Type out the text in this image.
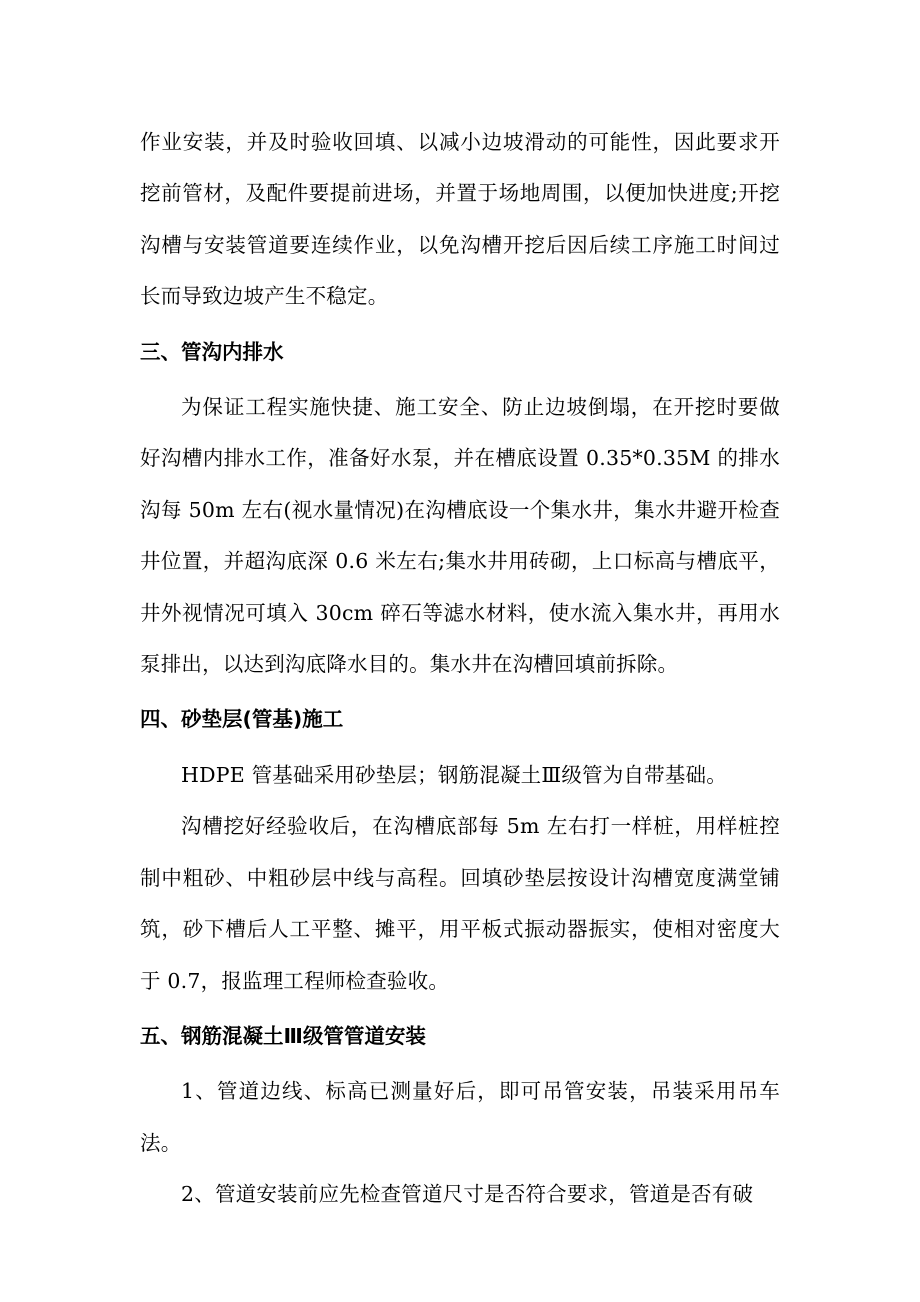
作业安装，并及时验收回填、以减小边坡滑动的可能性，因此要求开挖前管材，及配件要提前进场，并置于场地周围，以便加快进度;开挖沟槽与安装管道要连续作业，以免沟槽开挖后因后续工序施工时间过长而导致边坡产生不稳定。

三、管沟内排水

为保证工程实施快捷、施工安全、防止边坡倒塌，在开挖时要做好沟槽内排水工作，准备好水泵，并在槽底设置 0.35*0.35M 的排水沟每 50m 左右(视水量情况)在沟槽底设一个集水井，集水井避开检查井位置，并超沟底深 0.6 米左右;集水井用砖砌，上口标高与槽底平，井外视情况可填入 30cm 碎石等滤水材料，使水流入集水井，再用水泵排出，以达到沟底降水目的。集水井在沟槽回填前拆除。

四、砂垫层(管基)施工

HDPE 管基础采用砂垫层；钢筋混凝土Ⅲ级管为自带基础。

沟槽挖好经验收后，在沟槽底部每 5m 左右打一样桩，用样桩控制中粗砂、中粗砂层中线与高程。回填砂垫层按设计沟槽宽度满堂铺筑，砂下槽后人工平整、摊平，用平板式振动器振实，使相对密度大于 0.7，报监理工程师检查验收。

五、钢筋混凝土Ⅲ级管管道安装

1、管道边线、标高已测量好后，即可吊管安装，吊装采用吊车法。

2、管道安装前应先检查管道尺寸是否符合要求，管道是否有破
